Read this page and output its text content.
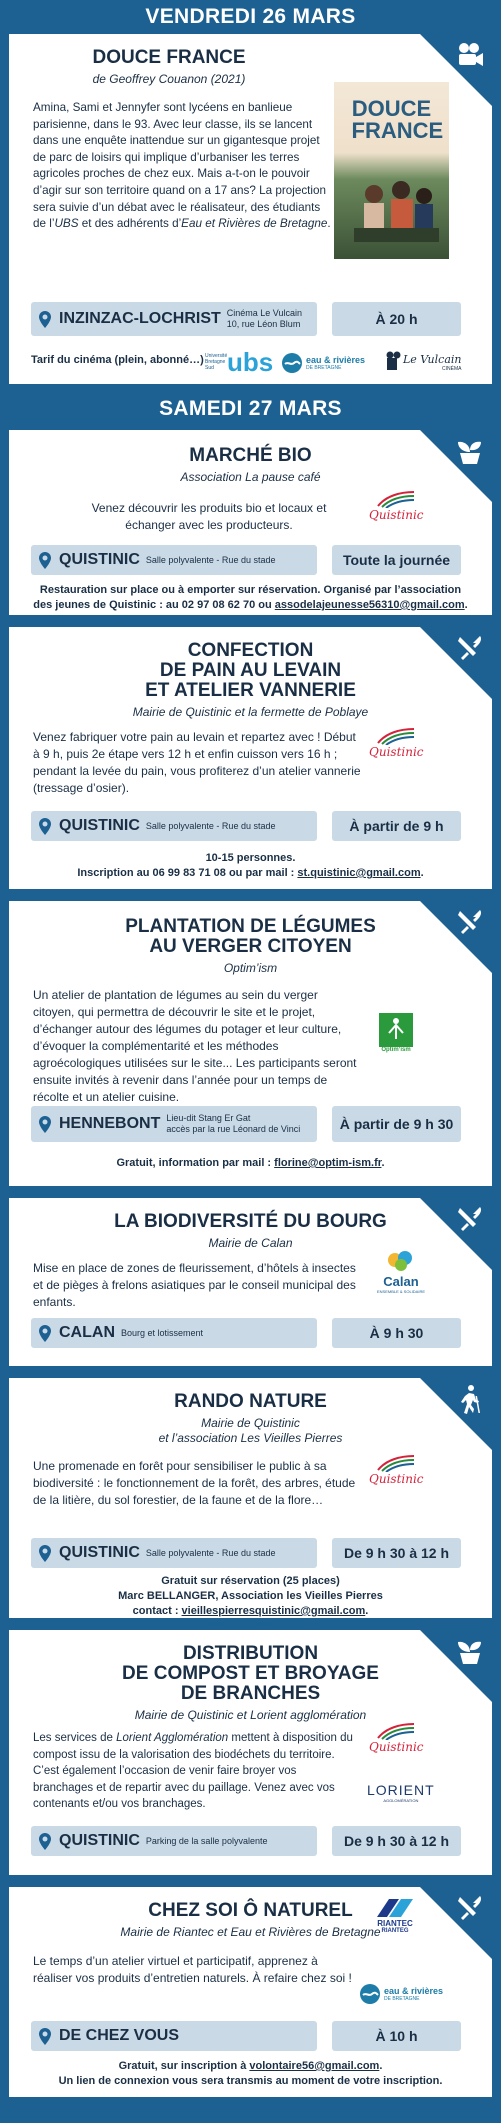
VENDREDI 26 MARS
DOUCE FRANCE
de Geoffrey Couanon (2021)
Amina, Sami et Jennyfer sont lycéens en banlieue parisienne, dans le 93. Avec leur classe, ils se lancent dans une enquête inattendue sur un gigantesque projet de parc de loisirs qui implique d’urbaniser les terres agricoles proches de chez eux. Mais a-t-on le pouvoir d’agir sur son territoire quand on a 17 ans? La projection sera suivie d’un débat avec le réalisateur, des étudiants de l’UBS et des adhérents d’Eau et Rivières de Bretagne.
DOUCE FRANCE
INZINZAC-LOCHRIST Cinéma Le Vulcain
10, rue Léon Blum	À 20 h
Tarif du cinéma (plein, abonné…) Université Bretagne Sud ubs	eau & rivières
DE BRETAGNE
Le Vulcain
CINÉMA
SAMEDI 27 MARS
MARCHÉ BIO
Association La pause café
Venez découvrir les produits bio et locaux et échanger avec les producteurs.
Quistinic
QUISTINIC Salle polyvalente - Rue du stade	Toute la journée
Restauration sur place ou à emporter sur réservation. Organisé par l’association des jeunes de Quistinic : au 02 97 08 62 70 ou assodelajeunesse56310@gmail.com.
CONFECTION
DE PAIN AU LEVAIN
ET ATELIER VANNERIE
Mairie de Quistinic et la fermette de Poblaye
Venez fabriquer votre pain au levain et repartez avec ! Début à 9 h, puis 2e étape vers 12 h et enfin cuisson vers 16 h ; pendant la levée du pain, vous profiterez d’un atelier vannerie (tressage d’osier).
Quistinic
QUISTINIC Salle polyvalente - Rue du stade	À partir de 9 h
10-15 personnes.
Inscription au 06 99 83 71 08 ou par mail : st.quistinic@gmail.com.
PLANTATION DE LÉGUMES
AU VERGER CITOYEN
Optim’ism
Un atelier de plantation de légumes au sein du verger citoyen, qui permettra de découvrir le site et le projet, d’échanger autour des légumes du potager et leur culture, d’évoquer la complémentarité et les méthodes agroécologiques utilisées sur le site... Les participants seront ensuite invités à revenir dans l’année pour un temps de récolte et un atelier cuisine.
Optim’ism
HENNEBONT Lieu-dit Stang Er Gat
accès par la rue Léonard de Vinci	À partir de 9 h 30
Gratuit, information par mail : florine@optim-ism.fr.
LA BIODIVERSITÉ DU BOURG
Mairie de Calan
Mise en place de zones de fleurissement, d’hôtels à insectes et de pièges à frelons asiatiques par le conseil municipal des enfants.
Calan
ENSEMBLE & SOLIDAIRE
CALAN Bourg et lotissement	À 9 h 30
RANDO NATURE
Mairie de Quistinic
et l’association Les Vieilles Pierres
Une promenade en forêt pour sensibiliser le public à sa biodiversité : le fonctionnement de la forêt, des arbres, étude de la litière, du sol forestier, de la faune et de la flore…
Quistinic
QUISTINIC Salle polyvalente - Rue du stade	De 9 h 30 à 12 h
Gratuit sur réservation (25 places)
Marc BELLANGER, Association les Vieilles Pierres
contact : vieillespierresquistinic@gmail.com.
DISTRIBUTION
DE COMPOST ET BROYAGE
DE BRANCHES
Mairie de Quistinic et Lorient agglomération
Les services de Lorient Agglomération mettent à disposition du compost issu de la valorisation des biodéchets du territoire. C’est également l’occasion de venir faire broyer vos branchages et de repartir avec du paillage. Venez avec vos contenants et/ou vos branchages.
Quistinic
LORIENT
AGGLOMÉRATION
QUISTINIC Parking de la salle polyvalente	De 9 h 30 à 12 h
CHEZ SOI Ô NATUREL
Mairie de Riantec et Eau et Rivières de Bretagne
Le temps d’un atelier virtuel et participatif, apprenez à réaliser vos produits d’entretien naturels. À refaire chez soi !
RIANTEC
RIANTEG
eau & rivières
DE BRETAGNE
DE CHEZ VOUS	À 10 h
Gratuit, sur inscription à volontaire56@gmail.com.
Un lien de connexion vous sera transmis au moment de votre inscription.
